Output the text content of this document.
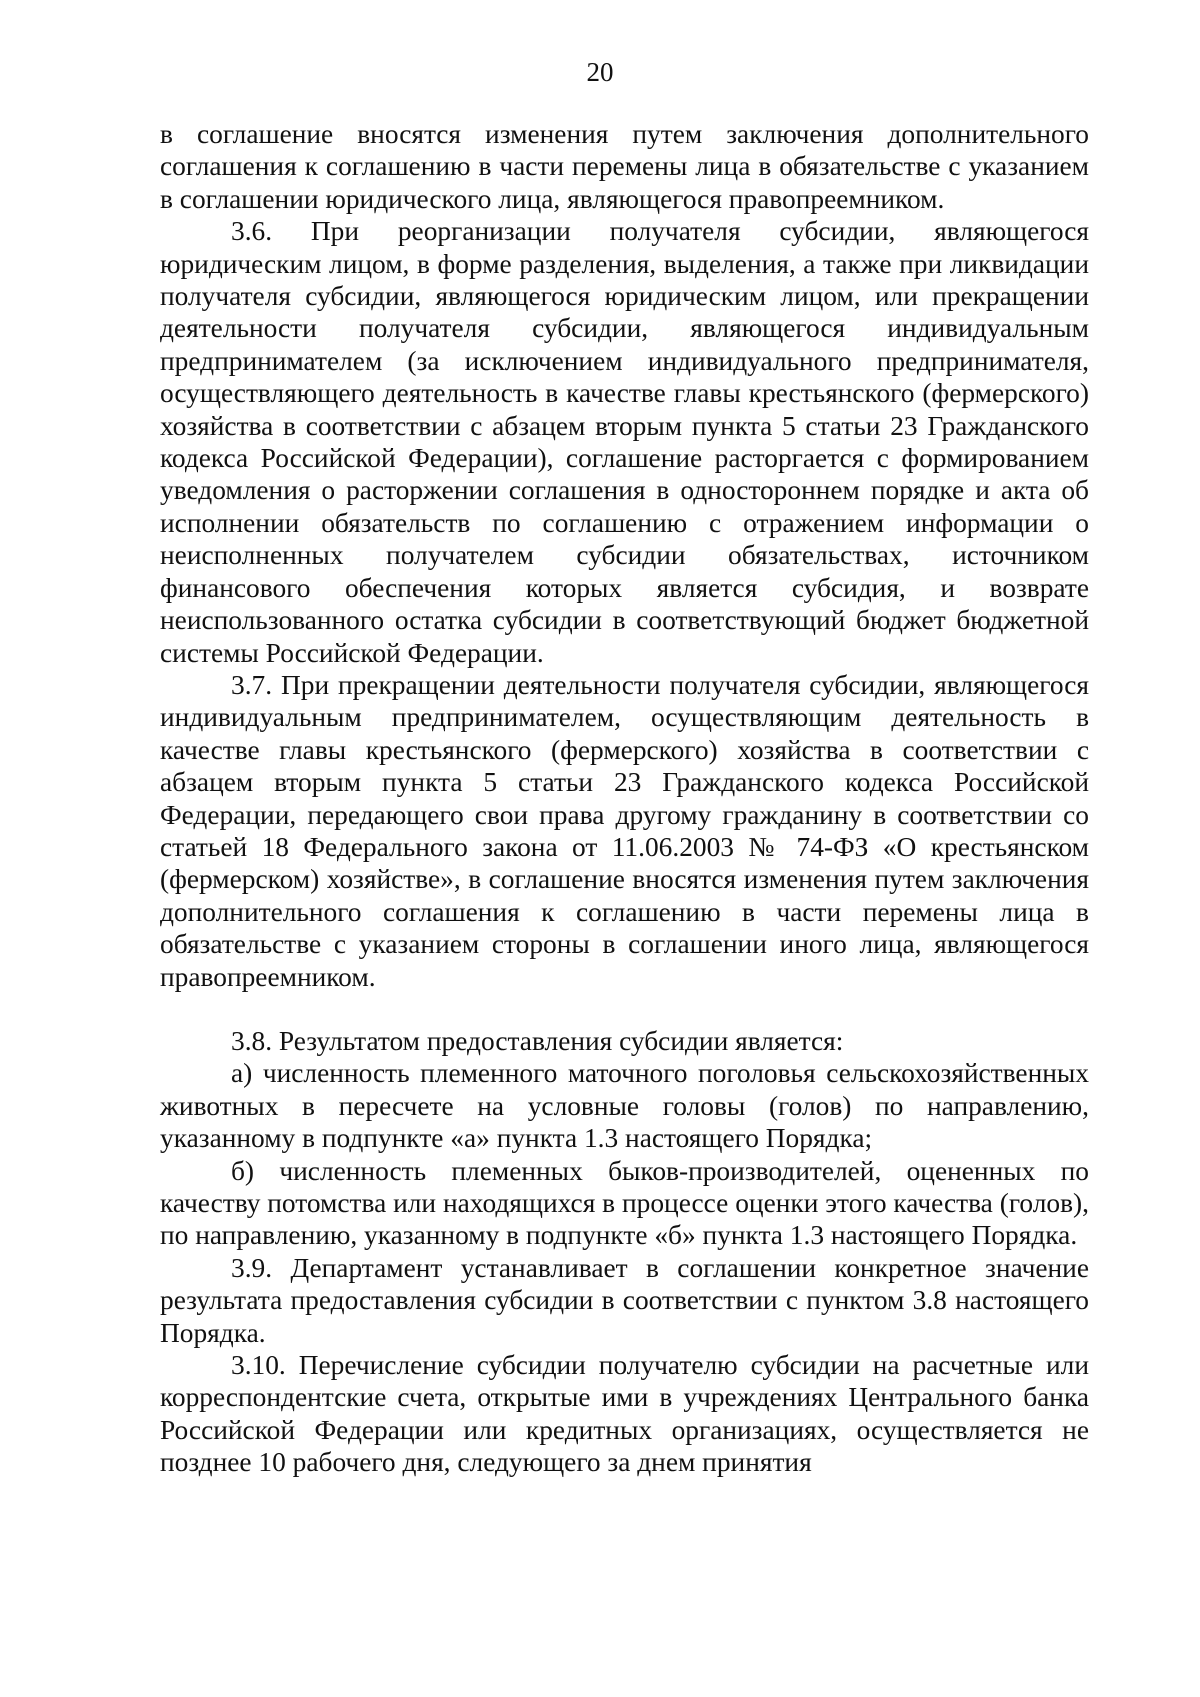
20

в соглашение вносятся изменения путем заключения дополнительного соглашения к соглашению в части перемены лица в обязательстве с указанием в соглашении юридического лица, являющегося правопреемником.

3.6. При реорганизации получателя субсидии, являющегося юридическим лицом, в форме разделения, выделения, а также при ликвидации получателя субсидии, являющегося юридическим лицом, или прекращении деятельности получателя субсидии, являющегося индивидуальным предпринимателем (за исключением индивидуального предпринимателя, осуществляющего деятельность в качестве главы крестьянского (фермерского) хозяйства в соответствии с абзацем вторым пункта 5 статьи 23 Гражданского кодекса Российской Федерации), соглашение расторгается с формированием уведомления о расторжении соглашения в одностороннем порядке и акта об исполнении обязательств по соглашению с отражением информации о неисполненных получателем субсидии обязательствах, источником финансового обеспечения которых является субсидия, и возврате неиспользованного остатка субсидии в соответствующий бюджет бюджетной системы Российской Федерации.

3.7. При прекращении деятельности получателя субсидии, являющегося индивидуальным предпринимателем, осуществляющим деятельность в качестве главы крестьянского (фермерского) хозяйства в соответствии с абзацем вторым пункта 5 статьи 23 Гражданского кодекса Российской Федерации, передающего свои права другому гражданину в соответствии со статьей 18 Федерального закона от 11.06.2003 № 74-ФЗ «О крестьянском (фермерском) хозяйстве», в соглашение вносятся изменения путем заключения дополнительного соглашения к соглашению в части перемены лица в обязательстве с указанием стороны в соглашении иного лица, являющегося правопреемником.

3.8. Результатом предоставления субсидии является:

а) численность племенного маточного поголовья сельскохозяйственных животных в пересчете на условные головы (голов) по направлению, указанному в подпункте «а» пункта 1.3 настоящего Порядка;

б) численность племенных быков-производителей, оцененных по качеству потомства или находящихся в процессе оценки этого качества (голов), по направлению, указанному в подпункте «б» пункта 1.3 настоящего Порядка.

3.9. Департамент устанавливает в соглашении конкретное значение результата предоставления субсидии в соответствии с пунктом 3.8 настоящего Порядка.

3.10. Перечисление субсидии получателю субсидии на расчетные или корреспондентские счета, открытые ими в учреждениях Центрального банка Российской Федерации или кредитных организациях, осуществляется не позднее 10 рабочего дня, следующего за днем принятия
